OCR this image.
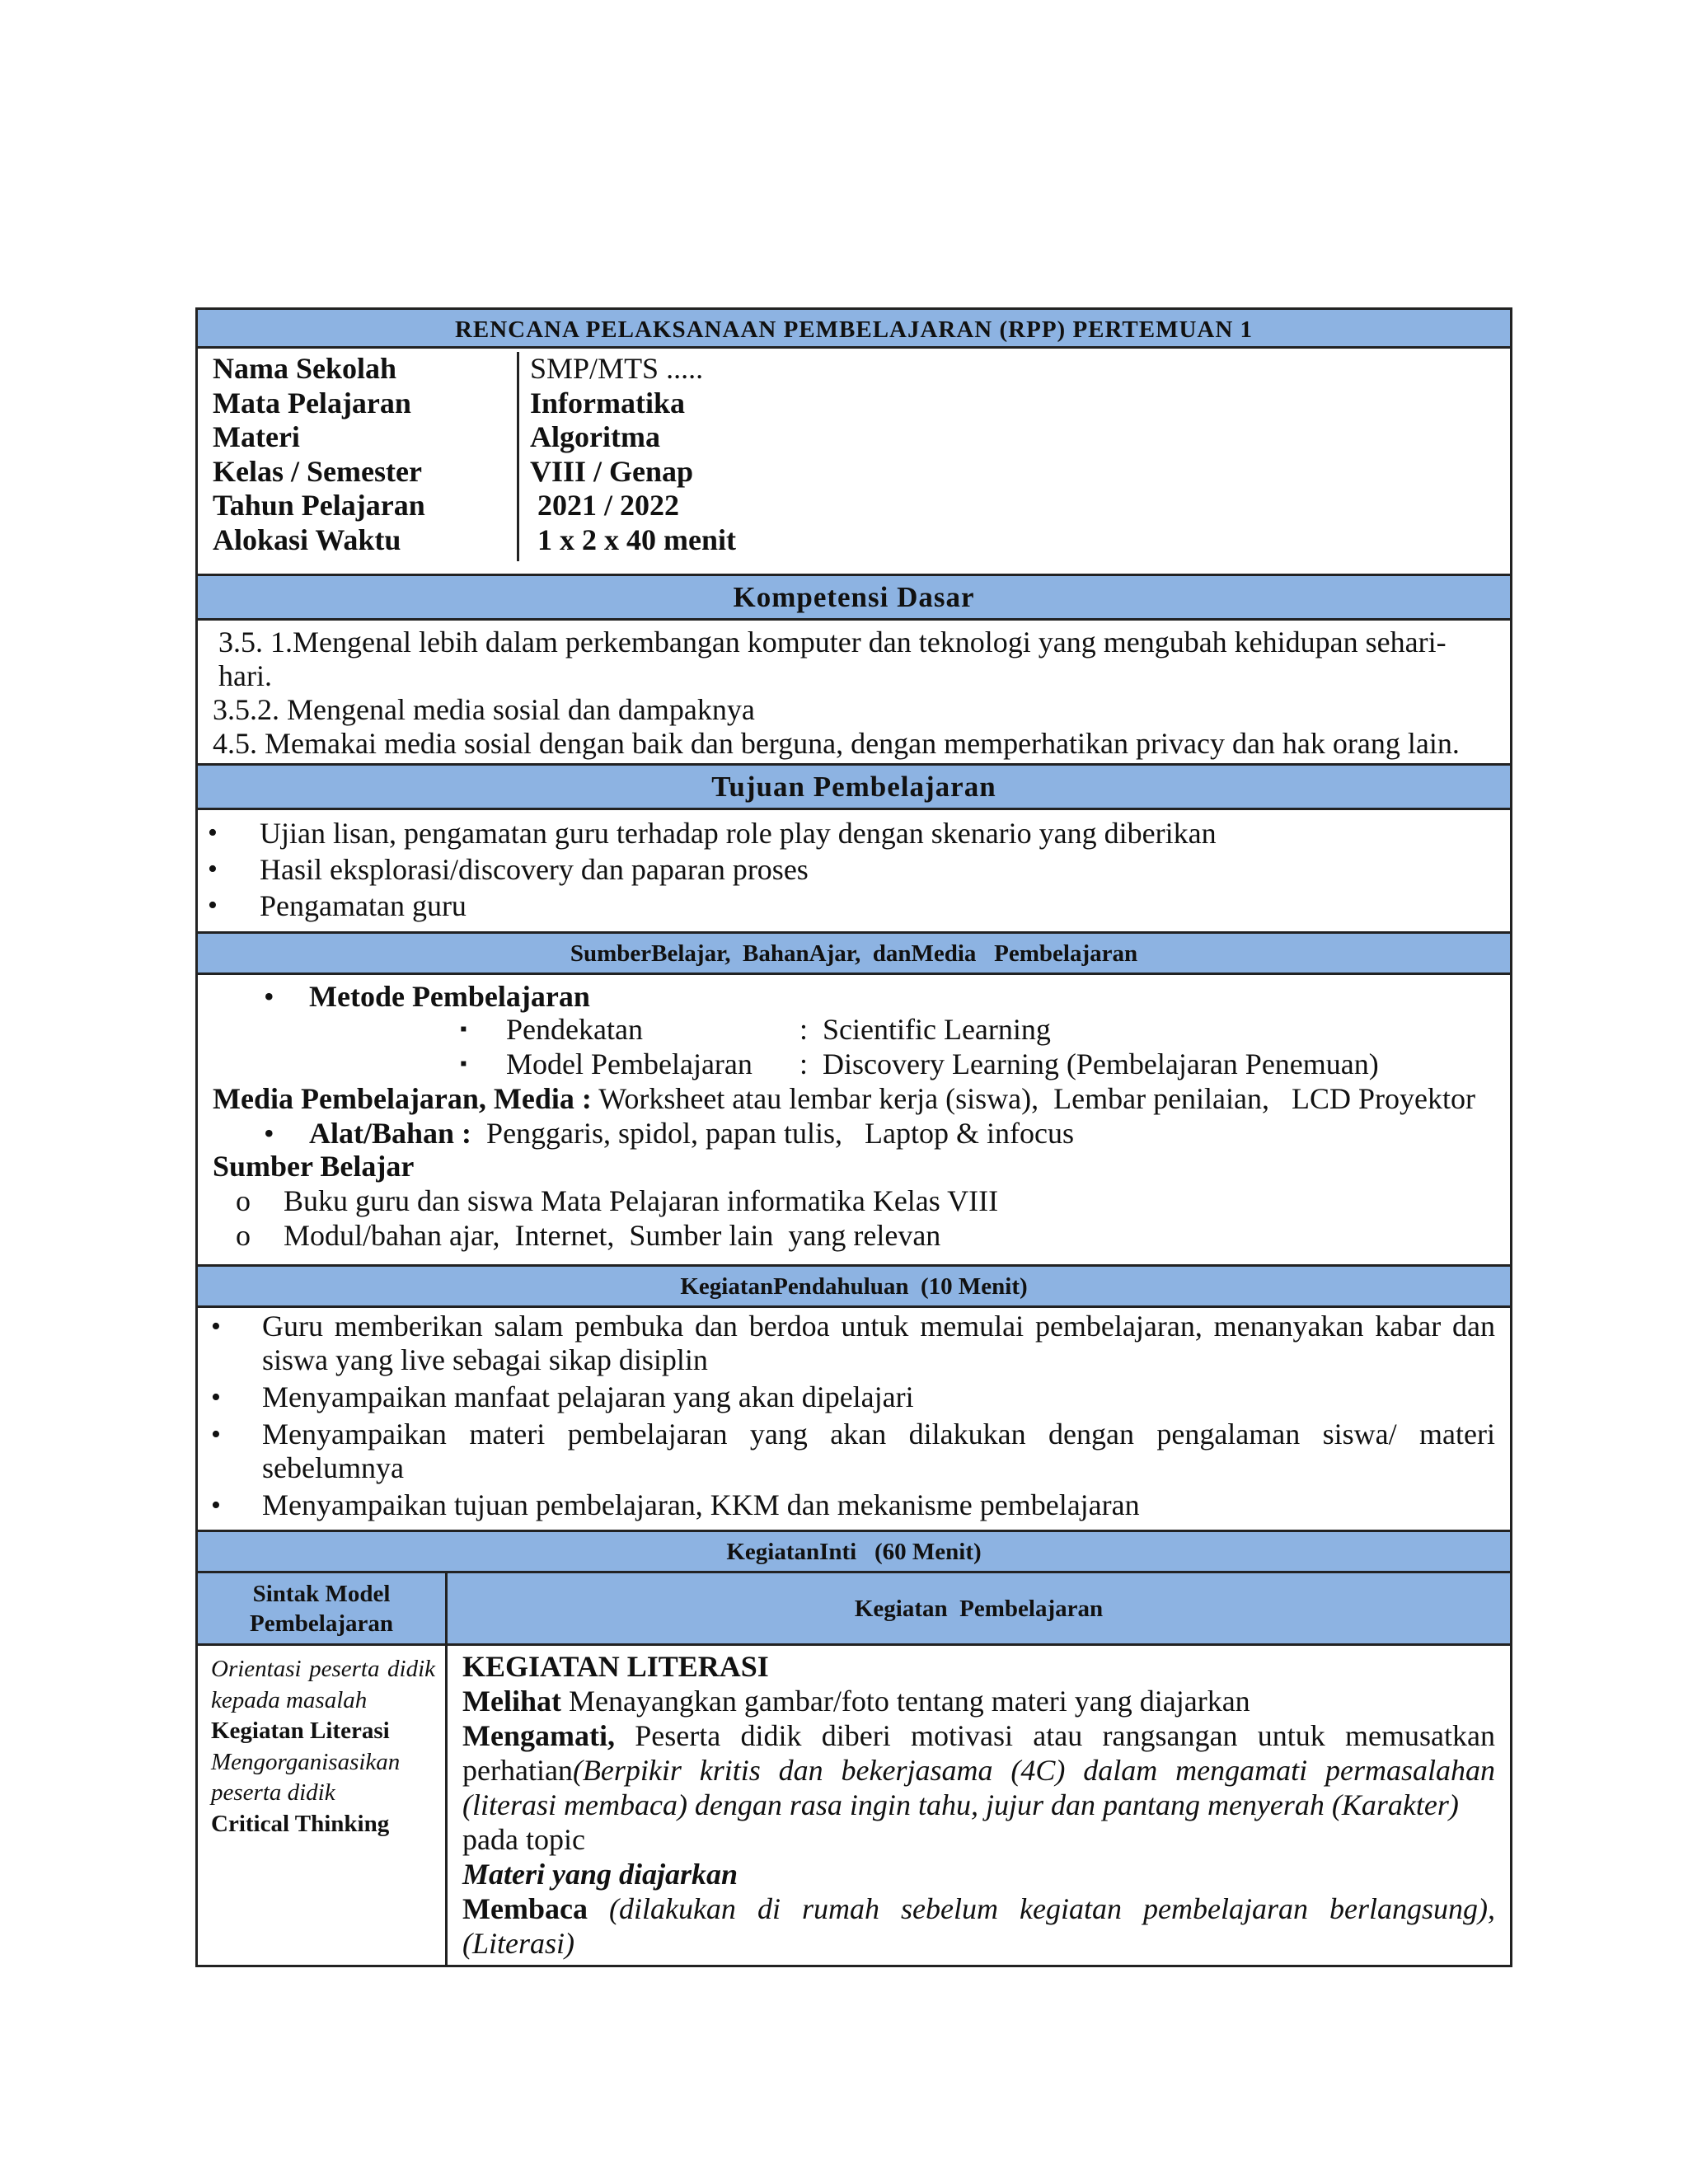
RENCANA PELAKSANAAN PEMBELAJARAN (RPP) PERTEMUAN 1
Nama Sekolah
Mata Pelajaran
Materi
Kelas / Semester
Tahun Pelajaran
Alokasi Waktu
SMP/MTS .....
Informatika
Algoritma
VIII / Genap
2021 / 2022
1 x 2 x 40 menit
Kompetensi Dasar

3.5. 1.Mengenal lebih dalam perkembangan komputer dan teknologi yang mengubah kehidupan sehari-

hari.

3.5.2. Mengenal media sosial dan dampaknya

4.5. Memakai media sosial dengan baik dan berguna, dengan memperhatikan privacy dan hak orang lain.

Tujuan Pembelajaran
• Ujian lisan, pengamatan guru terhadap role play dengan skenario yang diberikan
• Hasil eksplorasi/discovery dan paparan proses
• Pengamatan guru
SumberBelajar,  BahanAjar,  danMedia   Pembelajaran
• Metode Pembelajaran
▪ Pendekatan	:  Scientific Learning
▪ Model Pembelajaran :  Discovery Learning (Pembelajaran Penemuan)
Media Pembelajaran, Media : Worksheet atau lembar kerja (siswa),  Lembar penilaian,   LCD Proyektor
• Alat/Bahan :  Penggaris, spidol, papan tulis,   Laptop & infocus
Sumber Belajar
o Buku guru dan siswa Mata Pelajaran informatika Kelas VIII
o Modul/bahan ajar,  Internet,  Sumber lain  yang relevan
KegiatanPendahuluan  (10 Menit)
• Guru memberikan salam pembuka dan berdoa untuk memulai pembelajaran, menanyakan kabar dan siswa yang live sebagai sikap disiplin
• Menyampaikan manfaat pelajaran yang akan dipelajari
• Menyampaikan materi pembelajaran yang akan dilakukan dengan pengalaman siswa/ materi sebelumnya
• Menyampaikan tujuan pembelajaran, KKM dan mekanisme pembelajaran
KegiatanInti   (60 Menit)
Sintak Model Pembelajaran
Kegiatan  Pembelajaran
Orientasi peserta didik kepada masalah
Kegiatan Literasi
Mengorganisasikan peserta didik
Critical Thinking

KEGIATAN LITERASI

Melihat Menayangkan gambar/foto tentang materi yang diajarkan

Mengamati, Peserta didik diberi motivasi atau rangsangan untuk memusatkan perhatian(Berpikir kritis dan bekerjasama (4C) dalam mengamati permasalahan (literasi membaca) dengan rasa ingin tahu, jujur dan pantang menyerah (Karakter)

pada topic

Materi yang diajarkan

Membaca (dilakukan di rumah sebelum kegiatan pembelajaran berlangsung),(Literasi)
